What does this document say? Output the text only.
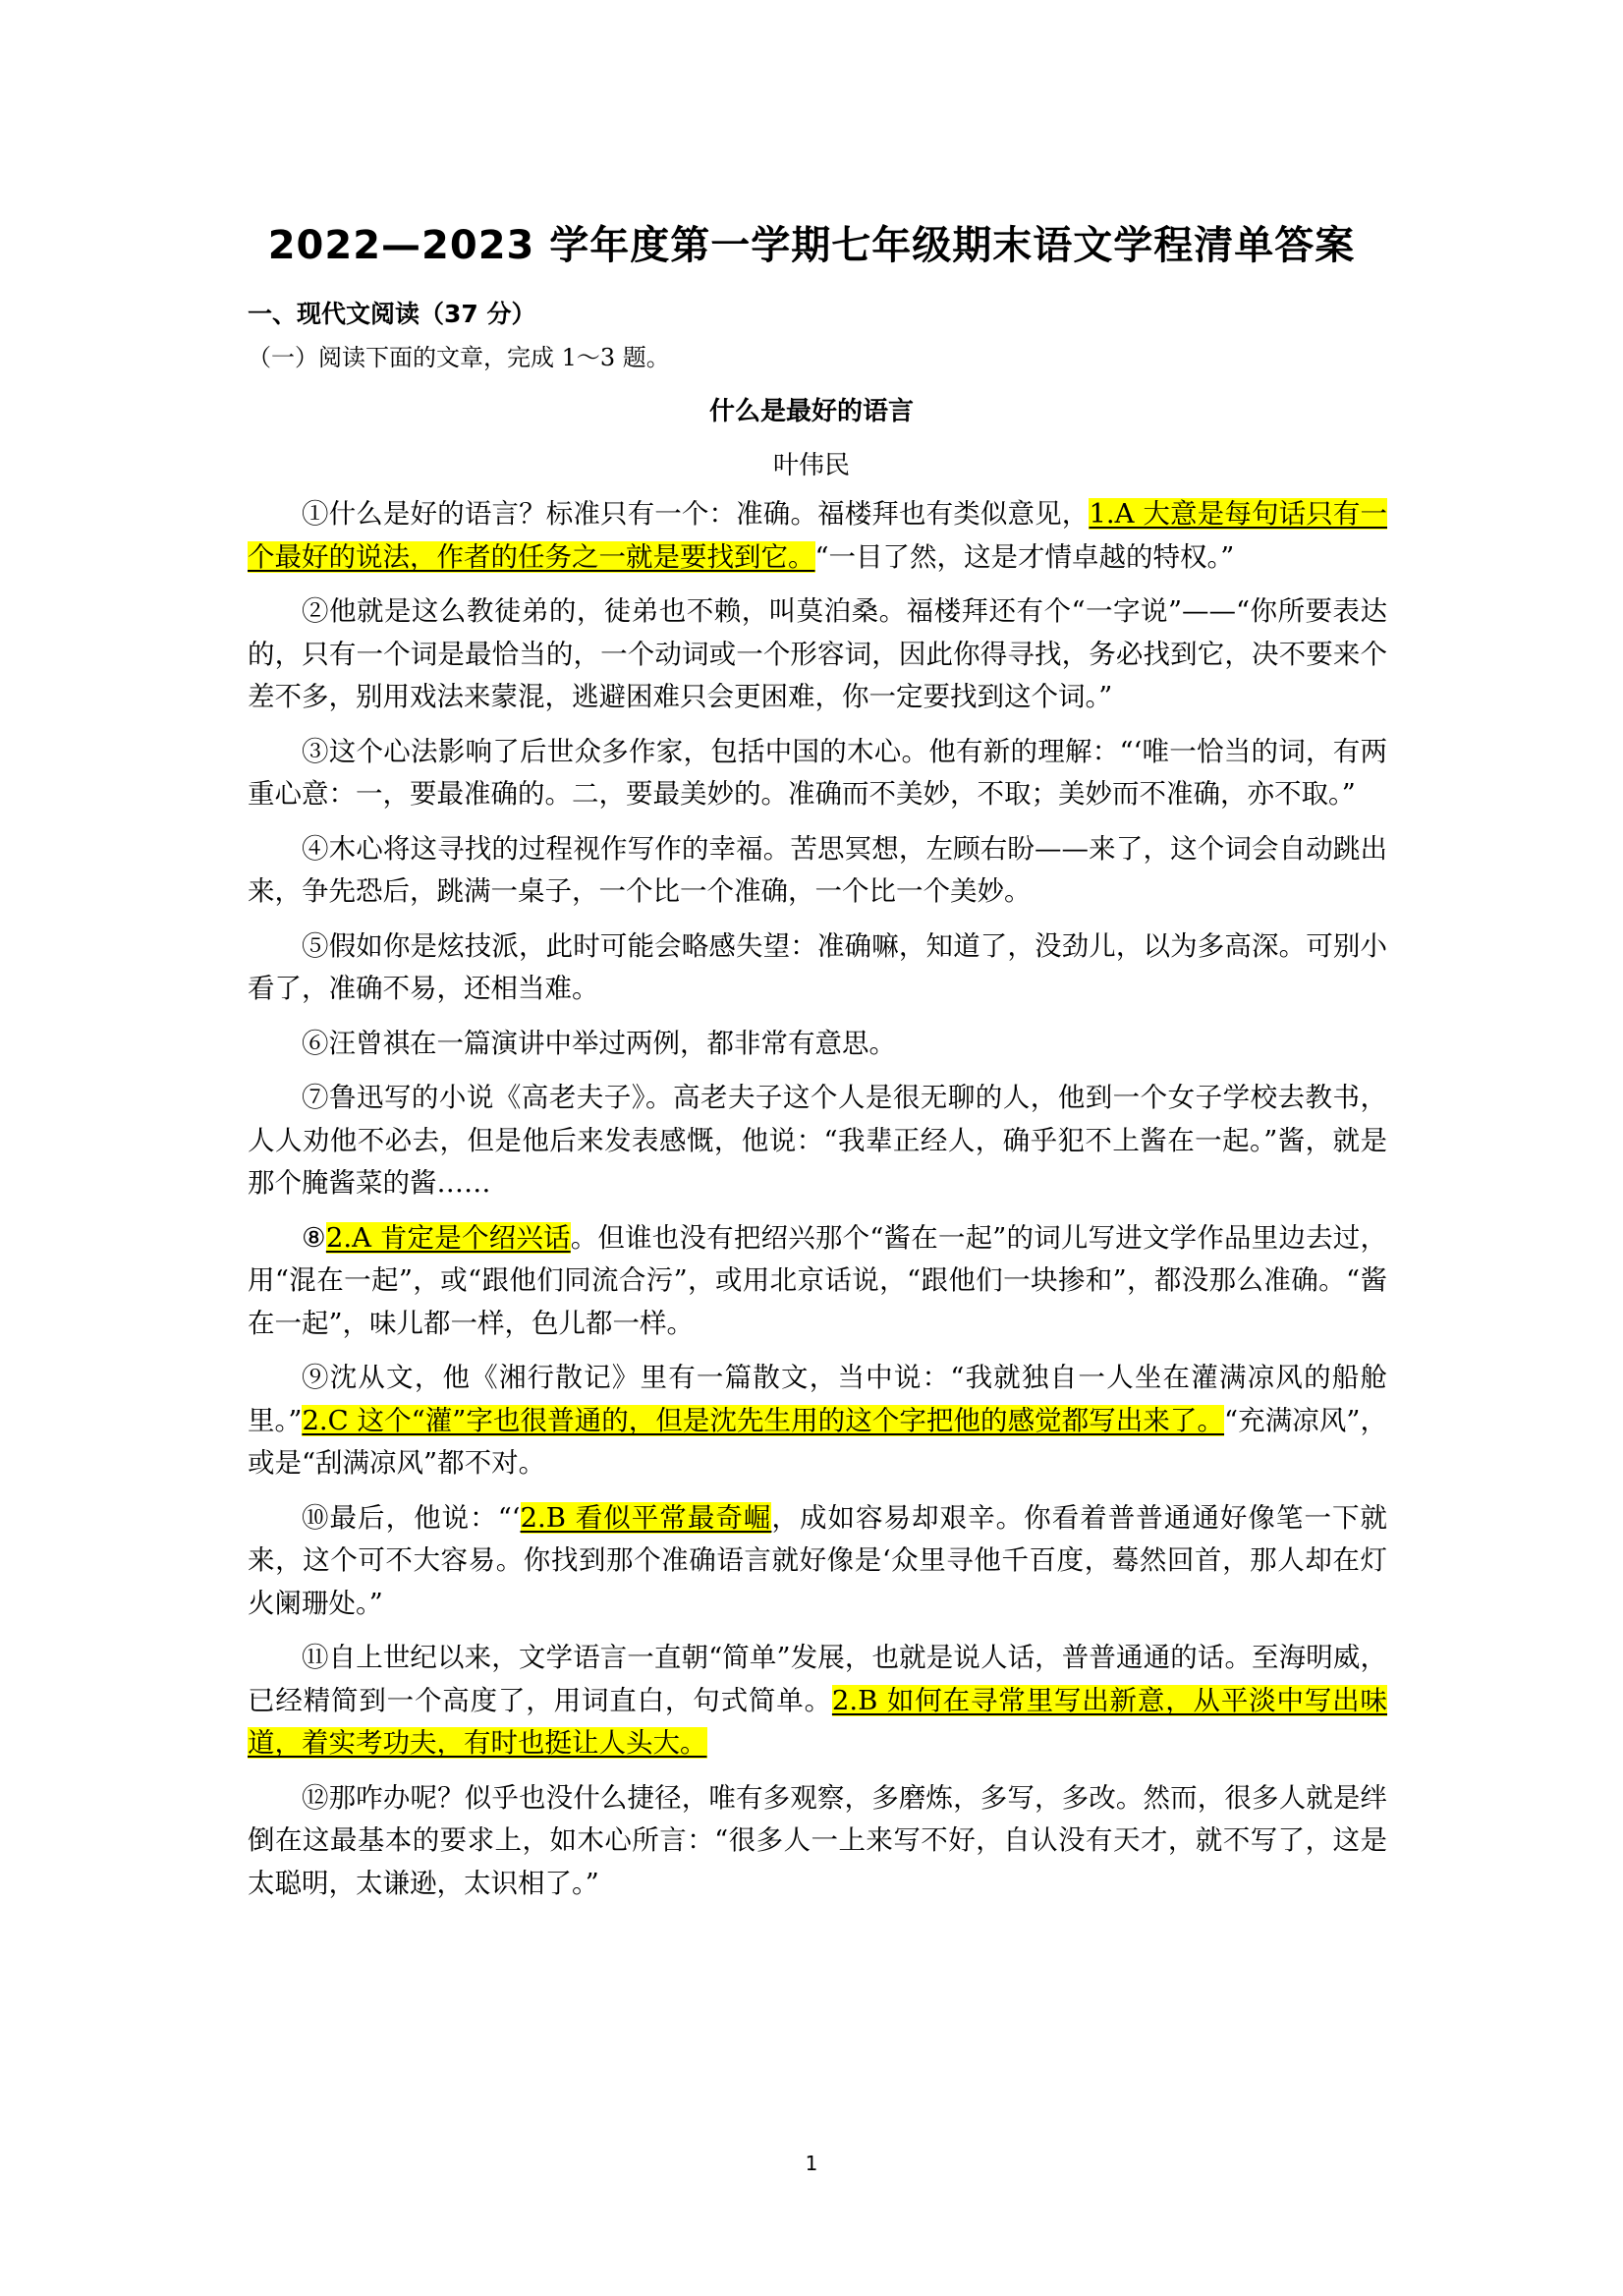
2022—2023 学年度第一学期七年级期末语文学程清单答案
一、现代文阅读（37 分）
（一）阅读下面的文章，完成 1～3 题。
什么是最好的语言
叶伟民

①什么是好的语言？标准只有一个：准确。福楼拜也有类似意见，1.A 大意是每句话只有一个最好的说法，作者的任务之一就是要找到它。“一目了然，这是才情卓越的特权。”

②他就是这么教徒弟的，徒弟也不赖，叫莫泊桑。福楼拜还有个“一字说”——“你所要表达的，只有一个词是最恰当的，一个动词或一个形容词，因此你得寻找，务必找到它，决不要来个差不多，别用戏法来蒙混，逃避困难只会更困难，你一定要找到这个词。”

③这个心法影响了后世众多作家，包括中国的木心。他有新的理解：“‘唯一恰当的词，有两重心意：一，要最准确的。二，要最美妙的。准确而不美妙，不取；美妙而不准确，亦不取。”

④木心将这寻找的过程视作写作的幸福。苦思冥想，左顾右盼——来了，这个词会自动跳出来，争先恐后，跳满一桌子，一个比一个准确，一个比一个美妙。

⑤假如你是炫技派，此时可能会略感失望：准确嘛，知道了，没劲儿，以为多高深。可别小看了，准确不易，还相当难。

⑥汪曾祺在一篇演讲中举过两例，都非常有意思。

⑦鲁迅写的小说《高老夫子》。高老夫子这个人是很无聊的人，他到一个女子学校去教书，人人劝他不必去，但是他后来发表感慨，他说：“我辈正经人，确乎犯不上酱在一起。”酱，就是那个腌酱菜的酱……

⑧2.A 肯定是个绍兴话。但谁也没有把绍兴那个“酱在一起”的词儿写进文学作品里边去过，用“混在一起”，或“跟他们同流合污”，或用北京话说，“跟他们一块掺和”，都没那么准确。“酱在一起”，味儿都一样，色儿都一样。

⑨沈从文，他《湘行散记》里有一篇散文，当中说：“我就独自一人坐在灌满凉风的船舱里。”2.C 这个“灌”字也很普通的，但是沈先生用的这个字把他的感觉都写出来了。“充满凉风”，或是“刮满凉风”都不对。

⑩最后，他说：“‘2.B 看似平常最奇崛，成如容易却艰辛。你看着普普通通好像笔一下就来，这个可不大容易。你找到那个准确语言就好像是‘众里寻他千百度，蓦然回首，那人却在灯火阑珊处。”

⑪自上世纪以来，文学语言一直朝“简单”发展，也就是说人话，普普通通的话。至海明威，已经精简到一个高度了，用词直白，句式简单。2.B 如何在寻常里写出新意，从平淡中写出味道，着实考功夫，有时也挺让人头大。

⑫那咋办呢？似乎也没什么捷径，唯有多观察，多磨炼，多写，多改。然而，很多人就是绊倒在这最基本的要求上，如木心所言：“很多人一上来写不好，自认没有天才，就不写了，这是太聪明，太谦逊，太识相了。”

1
